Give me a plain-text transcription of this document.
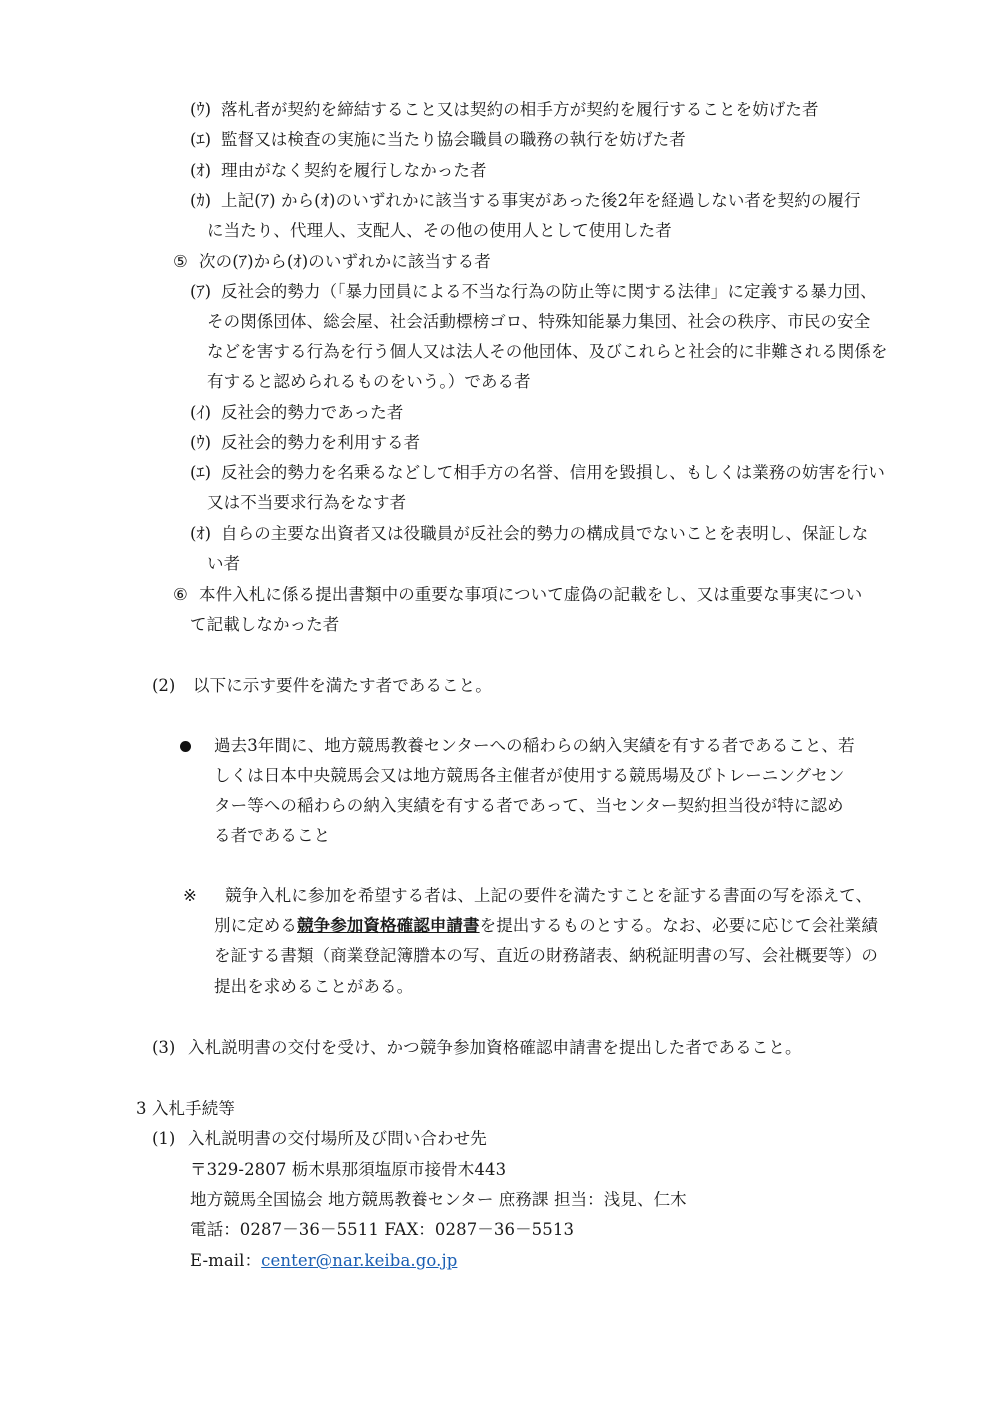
(ｳ) 落札者が契約を締結すること又は契約の相手方が契約を履行することを妨げた者
(ｴ) 監督又は検査の実施に当たり協会職員の職務の執行を妨げた者
(ｵ) 理由がなく契約を履行しなかった者
(ｶ) 上記(ｱ) から(ｵ)のいずれかに該当する事実があった後2年を経過しない者を契約の履行
に当たり、代理人、支配人、その他の使用人として使用した者
⑤ 次の(ｱ)から(ｵ)のいずれかに該当する者
(ｱ) 反社会的勢力（「暴力団員による不当な行為の防止等に関する法律」に定義する暴力団、
その関係団体、総会屋、社会活動標榜ゴロ、特殊知能暴力集団、社会の秩序、市民の安全
などを害する行為を行う個人又は法人その他団体、及びこれらと社会的に非難される関係を
有すると認められるものをいう。）である者
(ｲ) 反社会的勢力であった者
(ｳ) 反社会的勢力を利用する者
(ｴ) 反社会的勢力を名乗るなどして相手方の名誉、信用を毀損し、もしくは業務の妨害を行い
又は不当要求行為をなす者
(ｵ) 自らの主要な出資者又は役職員が反社会的勢力の構成員でないことを表明し、保証しな
い者
⑥ 本件入札に係る提出書類中の重要な事項について虚偽の記載をし、又は重要な事実につい
て記載しなかった者
(2) 以下に示す要件を満たす者であること。
過去3年間に、地方競馬教養センターへの稲わらの納入実績を有する者であること、若
しくは日本中央競馬会又は地方競馬各主催者が使用する競馬場及びトレーニングセン
ター等への稲わらの納入実績を有する者であって、当センター契約担当役が特に認め
る者であること
※ 競争入札に参加を希望する者は、上記の要件を満たすことを証する書面の写を添えて、
別に定める競争参加資格確認申請書を提出するものとする。なお、必要に応じて会社業績
を証する書類（商業登記簿謄本の写、直近の財務諸表、納税証明書の写、会社概要等）の
提出を求めることがある。
(3) 入札説明書の交付を受け、かつ競争参加資格確認申請書を提出した者であること。
3 入札手続等
(1) 入札説明書の交付場所及び問い合わせ先
〒329-2807 栃木県那須塩原市接骨木443
地方競馬全国協会 地方競馬教養センター 庶務課 担当：浅見、仁木
電話：0287－36－5511 FAX：0287－36－5513
E-mail：center@nar.keiba.go.jp
